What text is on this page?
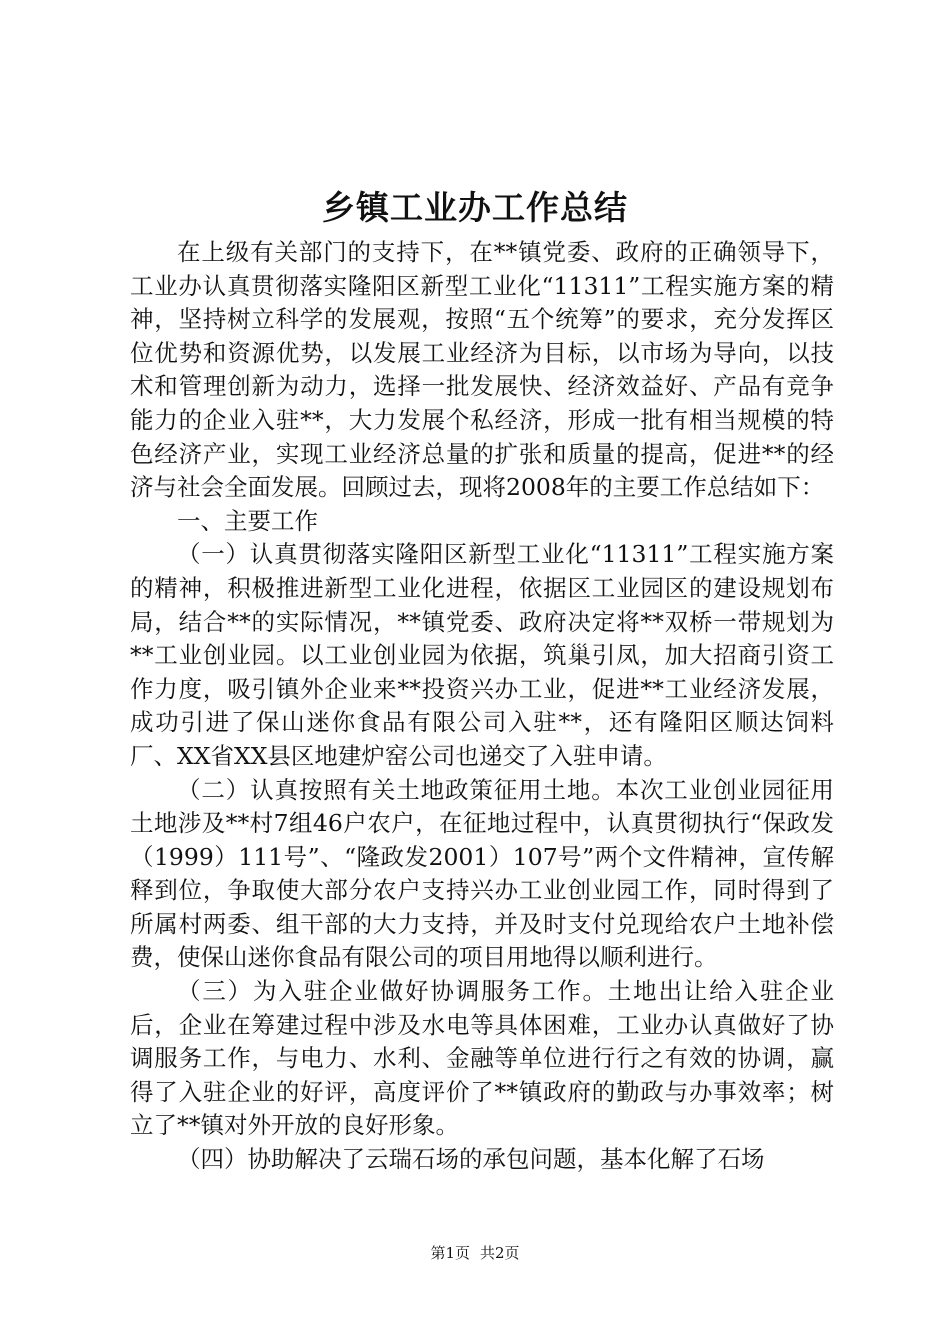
乡镇工业办工作总结

在上级有关部门的支持下，在**镇党委、政府的正确领导下，工业办认真贯彻落实隆阳区新型工业化“11311”工程实施方案的精神，坚持树立科学的发展观，按照“五个统筹”的要求，充分发挥区位优势和资源优势，以发展工业经济为目标，以市场为导向，以技术和管理创新为动力，选择一批发展快、经济效益好、产品有竞争能力的企业入驻**，大力发展个私经济，形成一批有相当规模的特色经济产业，实现工业经济总量的扩张和质量的提高，促进**的经济与社会全面发展。回顾过去，现将2008年的主要工作总结如下：

一、主要工作

（一）认真贯彻落实隆阳区新型工业化“11311”工程实施方案的精神，积极推进新型工业化进程，依据区工业园区的建设规划布局，结合**的实际情况，**镇党委、政府决定将**双桥一带规划为**工业创业园。以工业创业园为依据，筑巢引凤，加大招商引资工作力度，吸引镇外企业来**投资兴办工业，促进**工业经济发展，成功引进了保山迷你食品有限公司入驻**，还有隆阳区顺达饲料厂、XX省XX县区地建炉窑公司也递交了入驻申请。

（二）认真按照有关土地政策征用土地。本次工业创业园征用土地涉及**村7组46户农户，在征地过程中，认真贯彻执行“保政发（1999）111号”、“隆政发2001）107号”两个文件精神，宣传解释到位，争取使大部分农户支持兴办工业创业园工作，同时得到了所属村两委、组干部的大力支持，并及时支付兑现给农户土地补偿费，使保山迷你食品有限公司的项目用地得以顺利进行。

（三）为入驻企业做好协调服务工作。土地出让给入驻企业后，企业在筹建过程中涉及水电等具体困难，工业办认真做好了协调服务工作，与电力、水利、金融等单位进行行之有效的协调，赢得了入驻企业的好评，高度评价了**镇政府的勤政与办事效率；树立了**镇对外开放的良好形象。

（四）协助解决了云瑞石场的承包问题，基本化解了石场

第1页 共2页
